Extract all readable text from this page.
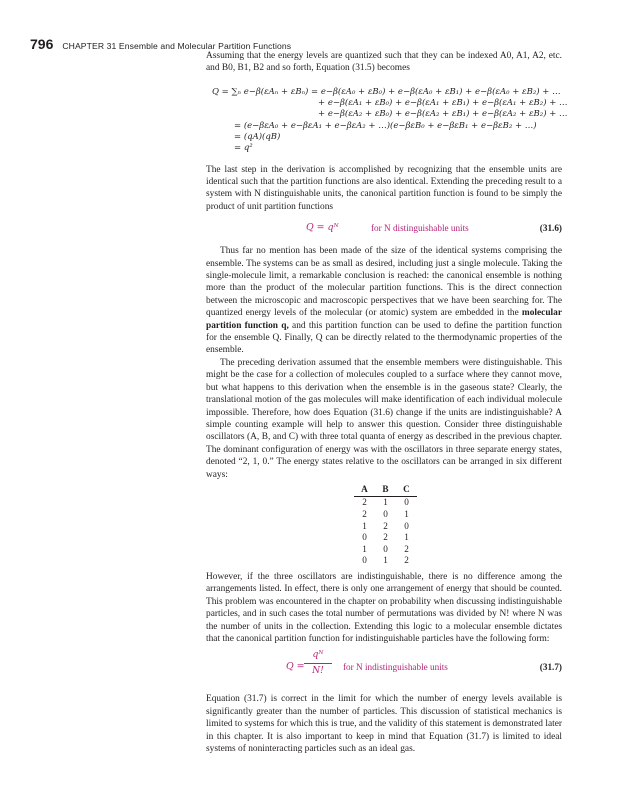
796 CHAPTER 31 Ensemble and Molecular Partition Functions

Assuming that the energy levels are quantized such that they can be indexed A0, A1, A2, etc. and B0, B1, B2 and so forth, Equation (31.5) becomes

Q = ∑ₙ e−β(εAₙ + εBₙ) = e−β(εA₀ + εB₀) + e−β(εA₀ + εB₁) + e−β(εA₀ + εB₂) + …
+ e−β(εA₁ + εB₀) + e−β(εA₁ + εB₁) + e−β(εA₁ + εB₂) + …
+ e−β(εA₂ + εB₀) + e−β(εA₂ + εB₁) + e−β(εA₂ + εB₂) + …
= (e−βεA₀ + e−βεA₁ + e−βεA₂ + …)(e−βεB₀ + e−βεB₁ + e−βεB₂ + …)
= (qA)(qB)
= q²

The last step in the derivation is accomplished by recognizing that the ensemble units are identical such that the partition functions are also identical. Extending the preceding result to a system with N distinguishable units, the canonical partition function is found to be simply the product of unit partition functions

Q = qᴺ	for N distinguishable units	(31.6)

Thus far no mention has been made of the size of the identical systems comprising the ensemble. The systems can be as small as desired, including just a single molecule. Taking the single-molecule limit, a remarkable conclusion is reached: the canonical ensemble is nothing more than the product of the molecular partition functions. This is the direct connection between the microscopic and macroscopic perspectives that we have been searching for. The quantized energy levels of the molecular (or atomic) system are embedded in the molecular partition function q, and this partition function can be used to define the partition function for the ensemble Q. Finally, Q can be directly related to the thermodynamic properties of the ensemble.

The preceding derivation assumed that the ensemble members were distinguishable. This might be the case for a collection of molecules coupled to a surface where they cannot move, but what happens to this derivation when the ensemble is in the gaseous state? Clearly, the translational motion of the gas molecules will make identification of each individual molecule impossible. Therefore, how does Equation (31.6) change if the units are indistinguishable? A simple counting example will help to answer this question. Consider three distinguishable oscillators (A, B, and C) with three total quanta of energy as described in the previous chapter. The dominant configuration of energy was with the oscillators in three separate energy states, denoted “2, 1, 0.” The energy states relative to the oscillators can be arranged in six different ways:

A	B	C
2	1	0
2	0	1
1	2	0
0	2	1
1	0	2
0	1	2

However, if the three oscillators are indistinguishable, there is no difference among the arrangements listed. In effect, there is only one arrangement of energy that should be counted. This problem was encountered in the chapter on probability when discussing indistinguishable particles, and in such cases the total number of permutations was divided by N! where N was the number of units in the collection. Extending this logic to a molecular ensemble dictates that the canonical partition function for indistinguishable particles have the following form:

Q =
qᴺ
N!	for N indistinguishable units	(31.7)

Equation (31.7) is correct in the limit for which the number of energy levels available is significantly greater than the number of particles. This discussion of statistical mechanics is limited to systems for which this is true, and the validity of this statement is demonstrated later in this chapter. It is also important to keep in mind that Equation (31.7) is limited to ideal systems of noninteracting particles such as an ideal gas.
